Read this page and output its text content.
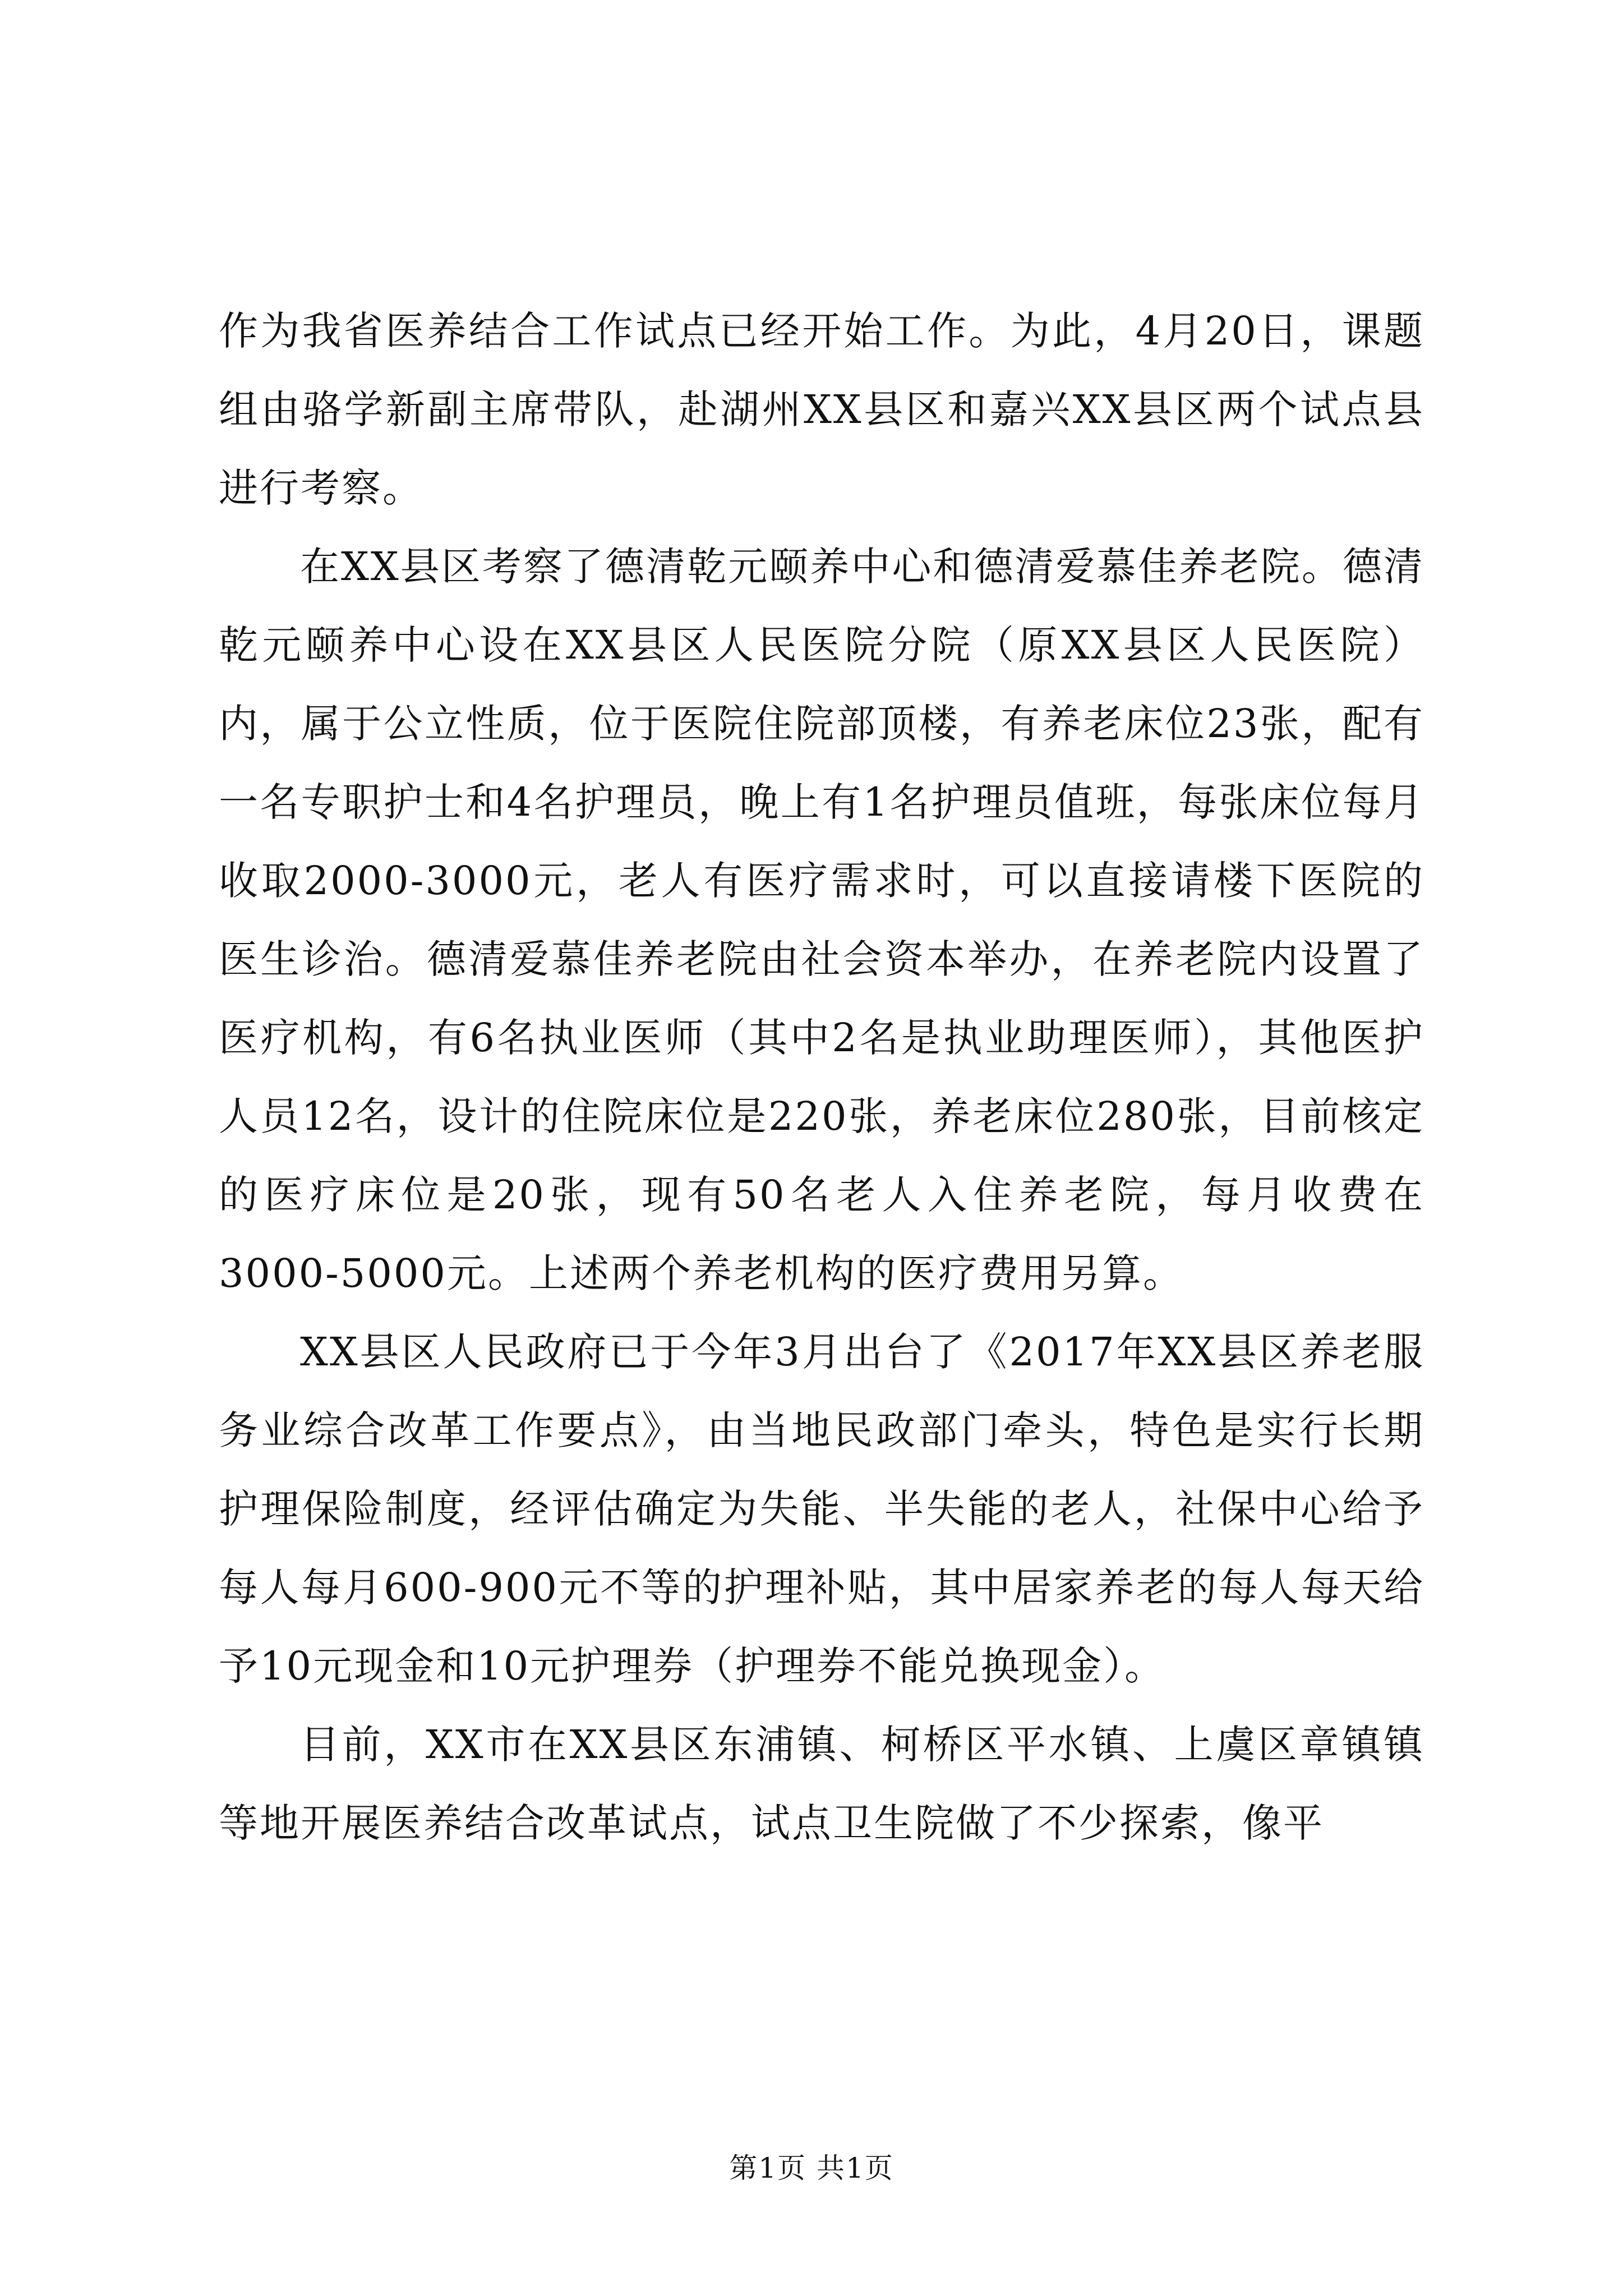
作为我省医养结合工作试点已经开始工作。为此，4月20日，课题组由骆学新副主席带队，赴湖州XX县区和嘉兴XX县区两个试点县进行考察。

在XX县区考察了德清乾元颐养中心和德清爱慕佳养老院。德清乾元颐养中心设在XX县区人民医院分院（原XX县区人民医院）内，属于公立性质，位于医院住院部顶楼，有养老床位23张，配有一名专职护士和4名护理员，晚上有1名护理员值班，每张床位每月收取2000-3000元，老人有医疗需求时，可以直接请楼下医院的医生诊治。德清爱慕佳养老院由社会资本举办，在养老院内设置了医疗机构，有6名执业医师（其中2名是执业助理医师），其他医护人员12名，设计的住院床位是220张，养老床位280张，目前核定的医疗床位是20张，现有50名老人入住养老院，每月收费在3000-5000元。上述两个养老机构的医疗费用另算。

XX县区人民政府已于今年3月出台了《2017年XX县区养老服务业综合改革工作要点》，由当地民政部门牵头，特色是实行长期护理保险制度，经评估确定为失能、半失能的老人，社保中心给予每人每月600-900元不等的护理补贴，其中居家养老的每人每天给予10元现金和10元护理券（护理券不能兑换现金）。

目前，XX市在XX县区东浦镇、柯桥区平水镇、上虞区章镇镇等地开展医养结合改革试点，试点卫生院做了不少探索，像平

第1页 共1页
